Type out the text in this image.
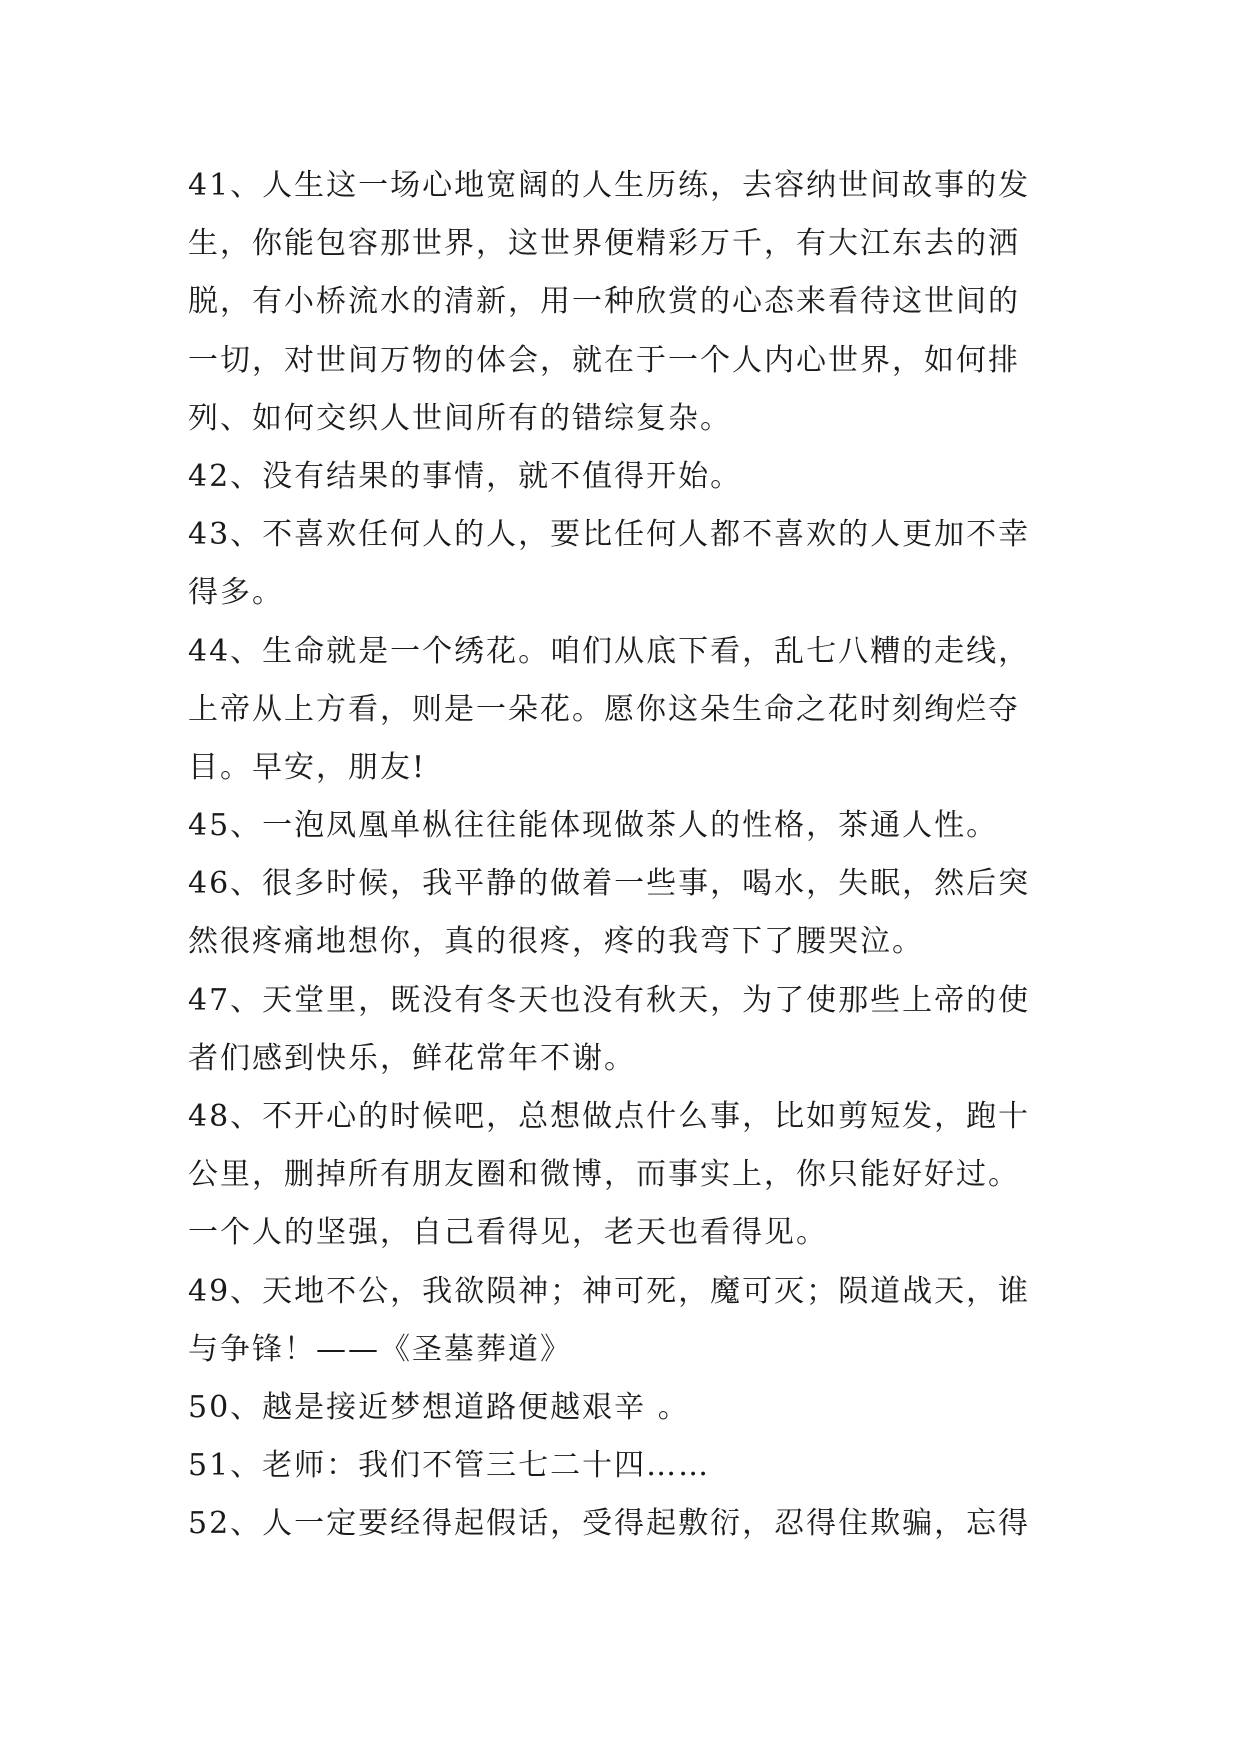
41、人生这一场心地宽阔的人生历练，去容纳世间故事的发
生，你能包容那世界，这世界便精彩万千，有大江东去的洒
脱，有小桥流水的清新，用一种欣赏的心态来看待这世间的
一切，对世间万物的体会，就在于一个人内心世界，如何排
列、如何交织人世间所有的错综复杂。
42、没有结果的事情，就不值得开始。
43、不喜欢任何人的人，要比任何人都不喜欢的人更加不幸
得多。
44、生命就是一个绣花。咱们从底下看，乱七八糟的走线，
上帝从上方看，则是一朵花。愿你这朵生命之花时刻绚烂夺
目。早安，朋友!
45、一泡凤凰单枞往往能体现做茶人的性格，茶通人性。
46、很多时候，我平静的做着一些事，喝水，失眠，然后突
然很疼痛地想你，真的很疼，疼的我弯下了腰哭泣。
47、天堂里，既没有冬天也没有秋天，为了使那些上帝的使
者们感到快乐，鲜花常年不谢。
48、不开心的时候吧，总想做点什么事，比如剪短发，跑十
公里，删掉所有朋友圈和微博，而事实上，你只能好好过。
一个人的坚强，自己看得见，老天也看得见。
49、天地不公，我欲陨神；神可死，魔可灭；陨道战天，谁
与争锋！——《圣墓葬道》
50、越是接近梦想道路便越艰辛 。
51、老师：我们不管三七二十四……
52、人一定要经得起假话，受得起敷衍，忍得住欺骗，忘得
